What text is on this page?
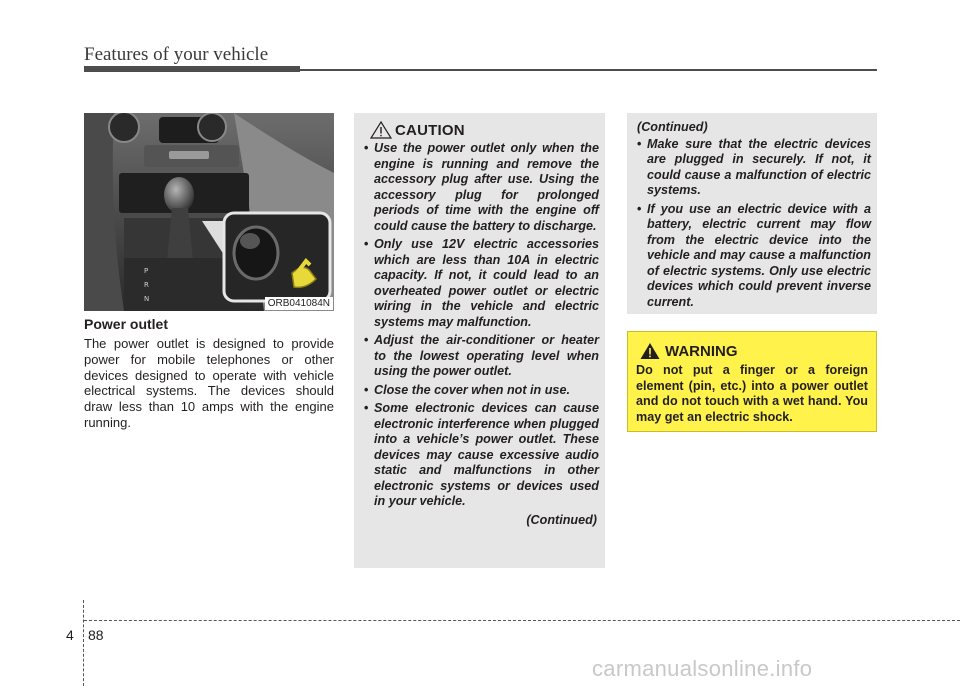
Features of your vehicle
P
R
N	ORB041084N
Power outlet
The power outlet is designed to provide power for mobile telephones or other devices designed to operate with vehicle electrical systems. The devices should draw less than 10 amps with the engine running.
CAUTION
• Use the power outlet only when the engine is running and remove the accessory plug after use. Using the accessory plug for prolonged periods of time with the engine off could cause the battery to discharge.
• Only use 12V electric accessories which are less than 10A in electric capacity. If not, it could lead to an overheated power outlet or electric wiring in the vehicle and electric systems may malfunction.
• Adjust the air-conditioner or heater to the lowest operating level when using the power outlet.
• Close the cover when not in use.
• Some electronic devices can cause electronic interference when plugged into a vehicle’s power outlet. These devices may cause excessive audio static and malfunctions in other electronic systems or devices used in your vehicle.
(Continued)
(Continued)
• Make sure that the electric devices are plugged in securely. If not, it could cause a malfunction of electric systems.
• If you use an electric device with a battery, electric current may flow from the electric device into the vehicle and may cause a malfunction of electric systems. Only use electric devices which could prevent inverse current.
WARNING
Do not put a finger or a foreign element (pin, etc.) into a power outlet and do not touch with a wet hand. You may get an electric shock.
4 88
carmanualsonline.info
